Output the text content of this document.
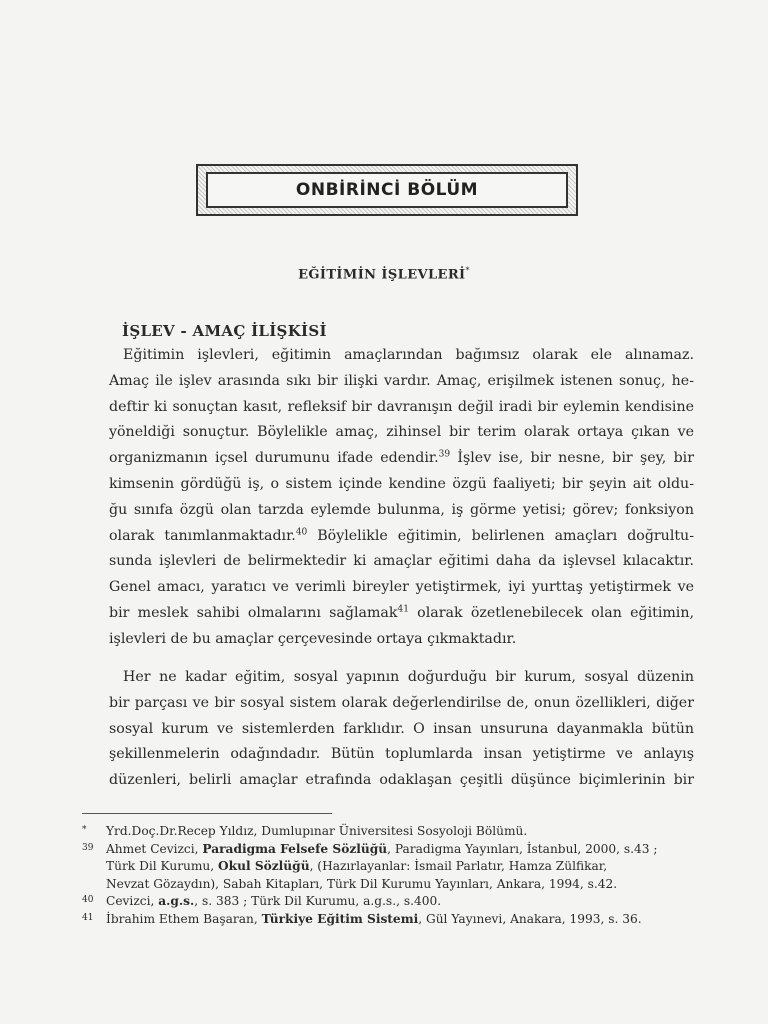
ONBİRİNCİ BÖLÜM
EĞİTİMİN İŞLEVLERİ*
İŞLEV - AMAÇ İLİŞKİSİ
Eğitimin işlevleri, eğitimin amaçlarından bağımsız olarak ele alınamaz.
Amaç ile işlev arasında sıkı bir ilişki vardır. Amaç, erişilmek istenen sonuç, he-
deftir ki sonuçtan kasıt, refleksif bir davranışın değil iradi bir eylemin kendisine
yöneldiği sonuçtur. Böylelikle amaç, zihinsel bir terim olarak ortaya çıkan ve
organizmanın içsel durumunu ifade edendir.$^{39}$ İşlev ise, bir nesne, bir şey, bir
kimsenin gördüğü iş, o sistem içinde kendine özgü faaliyeti; bir şeyin ait oldu-
ğu sınıfa özgü olan tarzda eylemde bulunma, iş görme yetisi; görev; fonksiyon
olarak tanımlanmaktadır.$^{40}$ Böylelikle eğitimin, belirlenen amaçları doğrultu-
sunda işlevleri de belirmektedir ki amaçlar eğitimi daha da işlevsel kılacaktır.
Genel amacı, yaratıcı ve verimli bireyler yetiştirmek, iyi yurttaş yetiştirmek ve
bir meslek sahibi olmalarını sağlamak$^{41}$ olarak özetlenebilecek olan eğitimin,
işlevleri de bu amaçlar çerçevesinde ortaya çıkmaktadır.
Her ne kadar eğitim, sosyal yapının doğurduğu bir kurum, sosyal düzenin
bir parçası ve bir sosyal sistem olarak değerlendirilse de, onun özellikleri, diğer
sosyal kurum ve sistemlerden farklıdır. O insan unsuruna dayanmakla bütün
şekillenmelerin odağındadır. Bütün toplumlarda insan yetiştirme ve anlayış
düzenleri, belirli amaçlar etrafında odaklaşan çeşitli düşünce biçimlerinin bir
*	Yrd.Doç.Dr.Recep Yıldız, Dumlupınar Üniversitesi Sosyoloji Bölümü.
39	Ahmet Cevizci, Paradigma Felsefe Sözlüğü, Paradigma Yayınları, İstanbul, 2000, s.43 ;
Türk Dil Kurumu, Okul Sözlüğü, (Hazırlayanlar: İsmail Parlatır, Hamza Zülfikar,
Nevzat Gözaydın), Sabah Kitapları, Türk Dil Kurumu Yayınları, Ankara, 1994, s.42.
40	Cevizci, a.g.s., s. 383 ; Türk Dil Kurumu, a.g.s., s.400.
41	İbrahim Ethem Başaran, Türkiye Eğitim Sistemi, Gül Yayınevi, Anakara, 1993, s. 36.
